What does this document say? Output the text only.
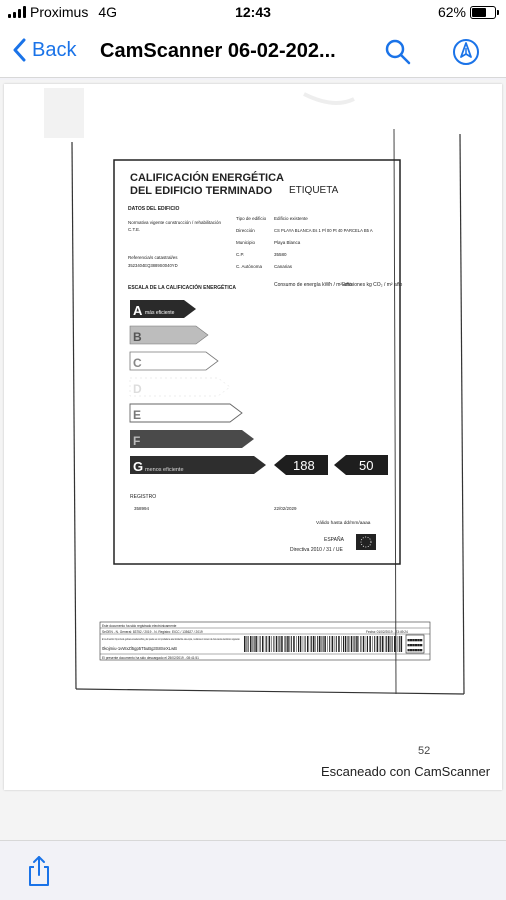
Proximus 4G	12:43	62%
Back CamScanner 06-02-202...
CALIFICACIÓN ENERGÉTICA
DEL EDIFICIO TERMINADO ETIQUETA
DATOS DEL EDIFICIO
Normativa vigente construcción / rehabilitación
C.T.E.
Tipo de edificio Edificio existente
Dirección	CS PLAYA BLANCA Es 1 Pl 00 Pt 40 PARCELA B5 A
Municipio	Playa Blanca
C.P.	35580
Referencia/s catastral/es
3523404EQ3889S0040YD	C. Autónoma	Canarias
ESCALA DE LA CALIFICACIÓN ENERGÉTICA	Consumo de energía kWh / m² año
Emisiones kg CO₂ / m² año
A más eficiente
B
C
D
E
F
G menos eficiente	188	50
REGISTRO
358994	22/02/2029
Válido hasta dd/mm/aaaa
ESPAÑA
Directiva 2010 / 31 / UE
Este documento ha sido registrado electrónicamente
SeOEN - N. General: 83752 / 2019 - N. Registro: EICC / 135627 / 2019	Fecha: 01/02/2019 - 23:49:24
En la dirección https://sede.gobcan.es/sede/verifica_doc puede ser comprobada la autenticidad de esta copia, mediante el número de documento electrónico siguiente:
0kojmiu-1vWxZl5gp5T5uBg3S8SeXLwB
El presente documento ha sido descargado el 25/02/2019 - 08:41:51
52
Escaneado con CamScanner
